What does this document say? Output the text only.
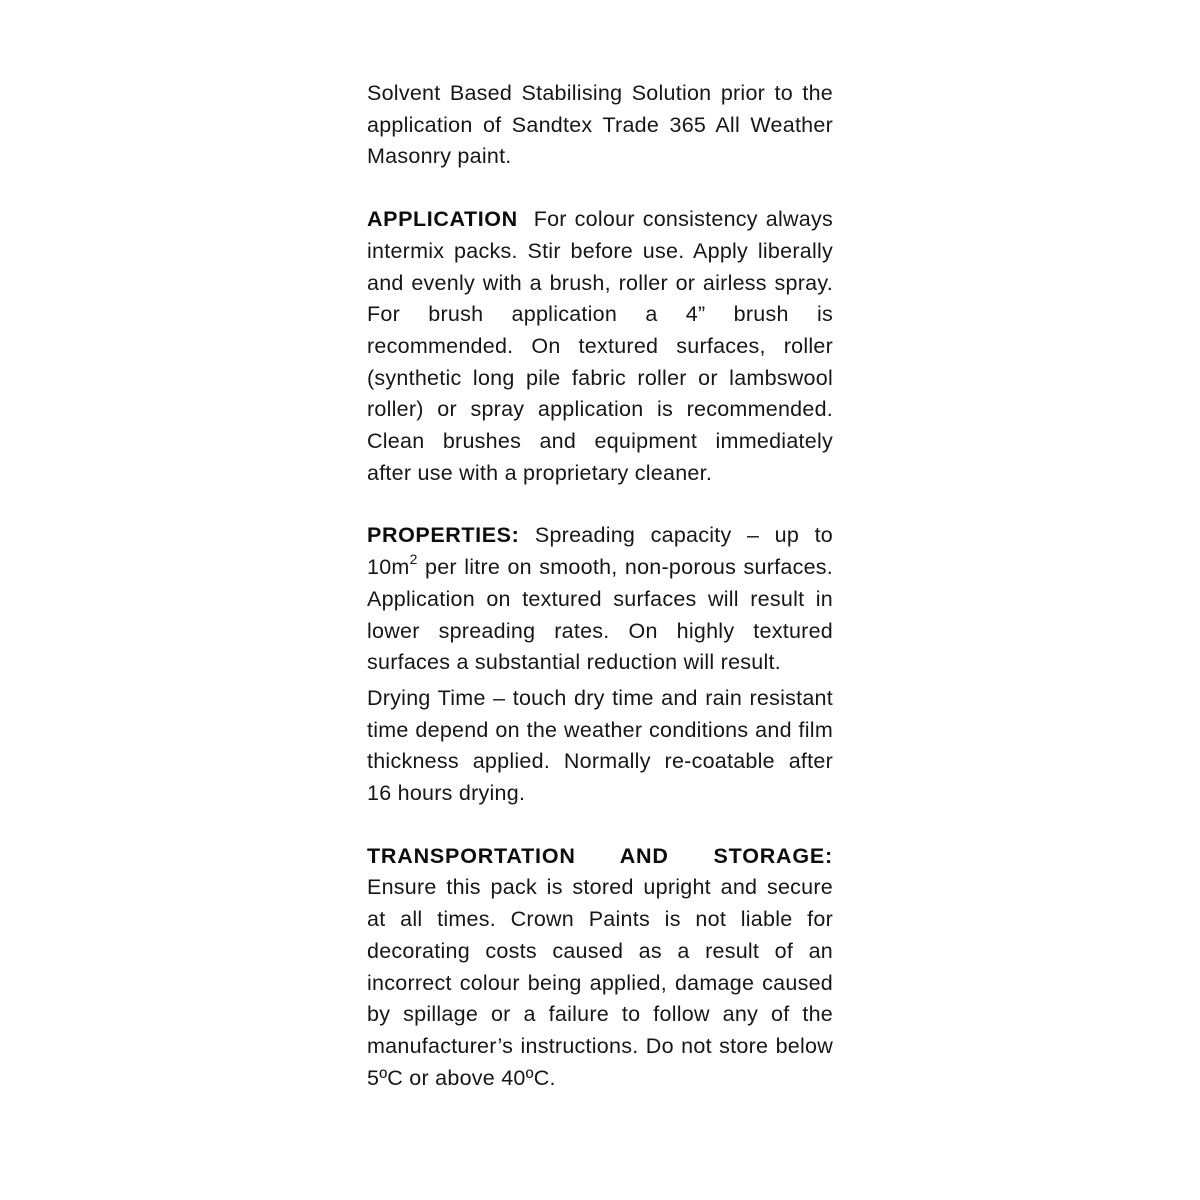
Solvent Based Stabilising Solution prior to the application of Sandtex Trade 365 All Weather Masonry paint.

APPLICATION For colour consistency always intermix packs. Stir before use. Apply liberally and evenly with a brush, roller or airless spray. For brush application a 4” brush is recommended. On textured surfaces, roller (synthetic long pile fabric roller or lambswool roller) or spray application is recommended. Clean brushes and equipment immediately after use with a proprietary cleaner.

PROPERTIES: Spreading capacity – up to $10m^2$ per litre on smooth, non-porous surfaces. Application on textured surfaces will result in lower spreading rates. On highly textured surfaces a substantial reduction will result.

Drying Time – touch dry time and rain resistant time depend on the weather conditions and film thickness applied. Normally re-coatable after 16 hours drying.

TRANSPORTATION AND STORAGE:
Ensure this pack is stored upright and secure at all times. Crown Paints is not liable for decorating costs caused as a result of an incorrect colour being applied, damage caused by spillage or a failure to follow any of the manufacturer’s instructions. Do not store below 5ºC or above 40ºC.
